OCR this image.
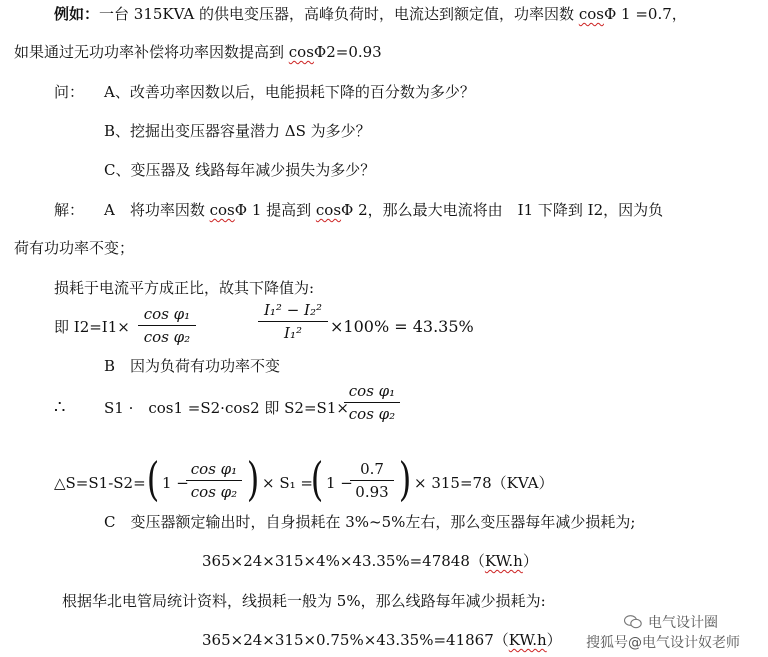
例如：一台 315KVA 的供电变压器，高峰负荷时，电流达到额定值，功率因数 cosΦ 1 =0.7，
如果通过无功功率补偿将功率因数提高到 cosΦ2=0.93
问： A、改善功率因数以后，电能损耗下降的百分数为多少？
B、挖掘出变压器容量潜力 ΔS 为多少？
C、变压器及 线路每年减少损失为多少？
解： A　将功率因数 cosΦ 1 提高到 cosΦ 2，那么最大电流将由　I1 下降到 I2，因为负
荷有功功率不变；
损耗于电流平方成正比，故其下降值为:
即 I2=I1×
cos φ₁
cos φ₂
I₁² − I₂²
I₁² ×100% = 43.35%
B　因为负荷有功功率不变
∴	S1 ·　cos1 =S2·cos2 即 S2=S1×
cos φ₁
cos φ₂
△S=S1-S2= ( 1 −
cos φ₁
cos φ₂ ) × S₁ =
( 1 −
0.7
0.93 ) × 315=78（KVA）
C　变压器额定输出时，自身损耗在 3%~5%左右，那么变压器每年减少损耗为;
365×24×315×4%×43.35%=47848（KW.h）
根据华北电管局统计资料，线损耗一般为 5%，那么线路每年减少损耗为:
365×24×315×0.75%×43.35%=41867（KW.h）
电气设计圈
搜狐号@电气设计奴老师
